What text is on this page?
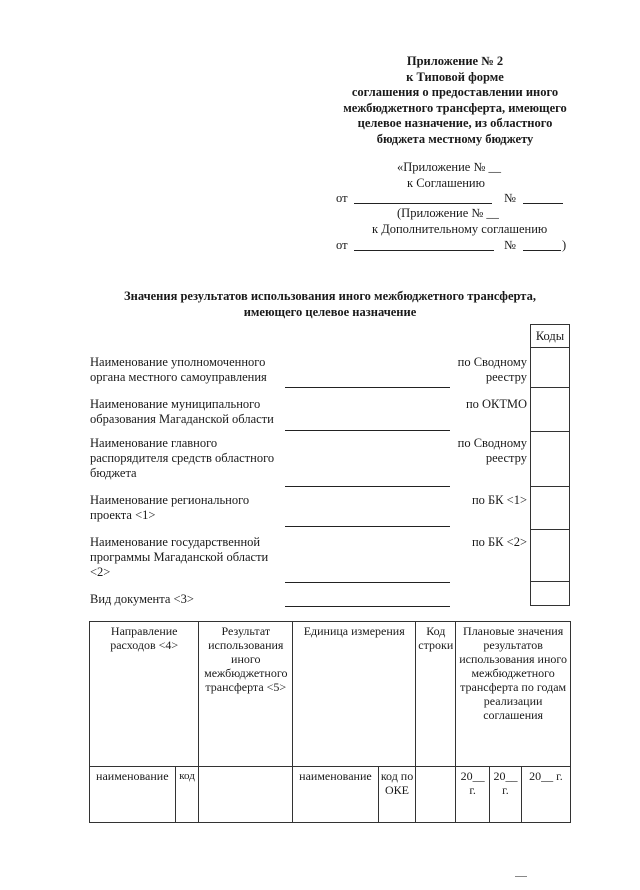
Приложение № 2
к Типовой форме
соглашения о предоставлении иного
межбюджетного трансферта, имеющего
целевое назначение, из областного
бюджета местному бюджету
«Приложение № __
к Соглашению
от	№
(Приложение № __
к Дополнительному соглашению
от	№	)
Значения результатов использования иного межбюджетного трансферта,
имеющего целевое назначение
Коды
Наименование уполномоченного органа местного самоуправления
по Сводному реестру
Наименование муниципального образования Магаданской области
по ОКТМО
Наименование главного распорядителя средств областного бюджета
по Сводному реестру
Наименование регионального проекта <1>
по БК <1>
Наименование государственной программы Магаданской области <2>
по БК <2>
Вид документа <3>
Направление расходов <4>		Результат использования иного межбюджетного трансферта <5>	Единица измерения		Код строки	Плановые значения результатов использования иного межбюджетного трансферта по годам реализации соглашения		
наименование	код		наименование	код по ОКЕ		20__ г.	20__ г.	20__ г.
